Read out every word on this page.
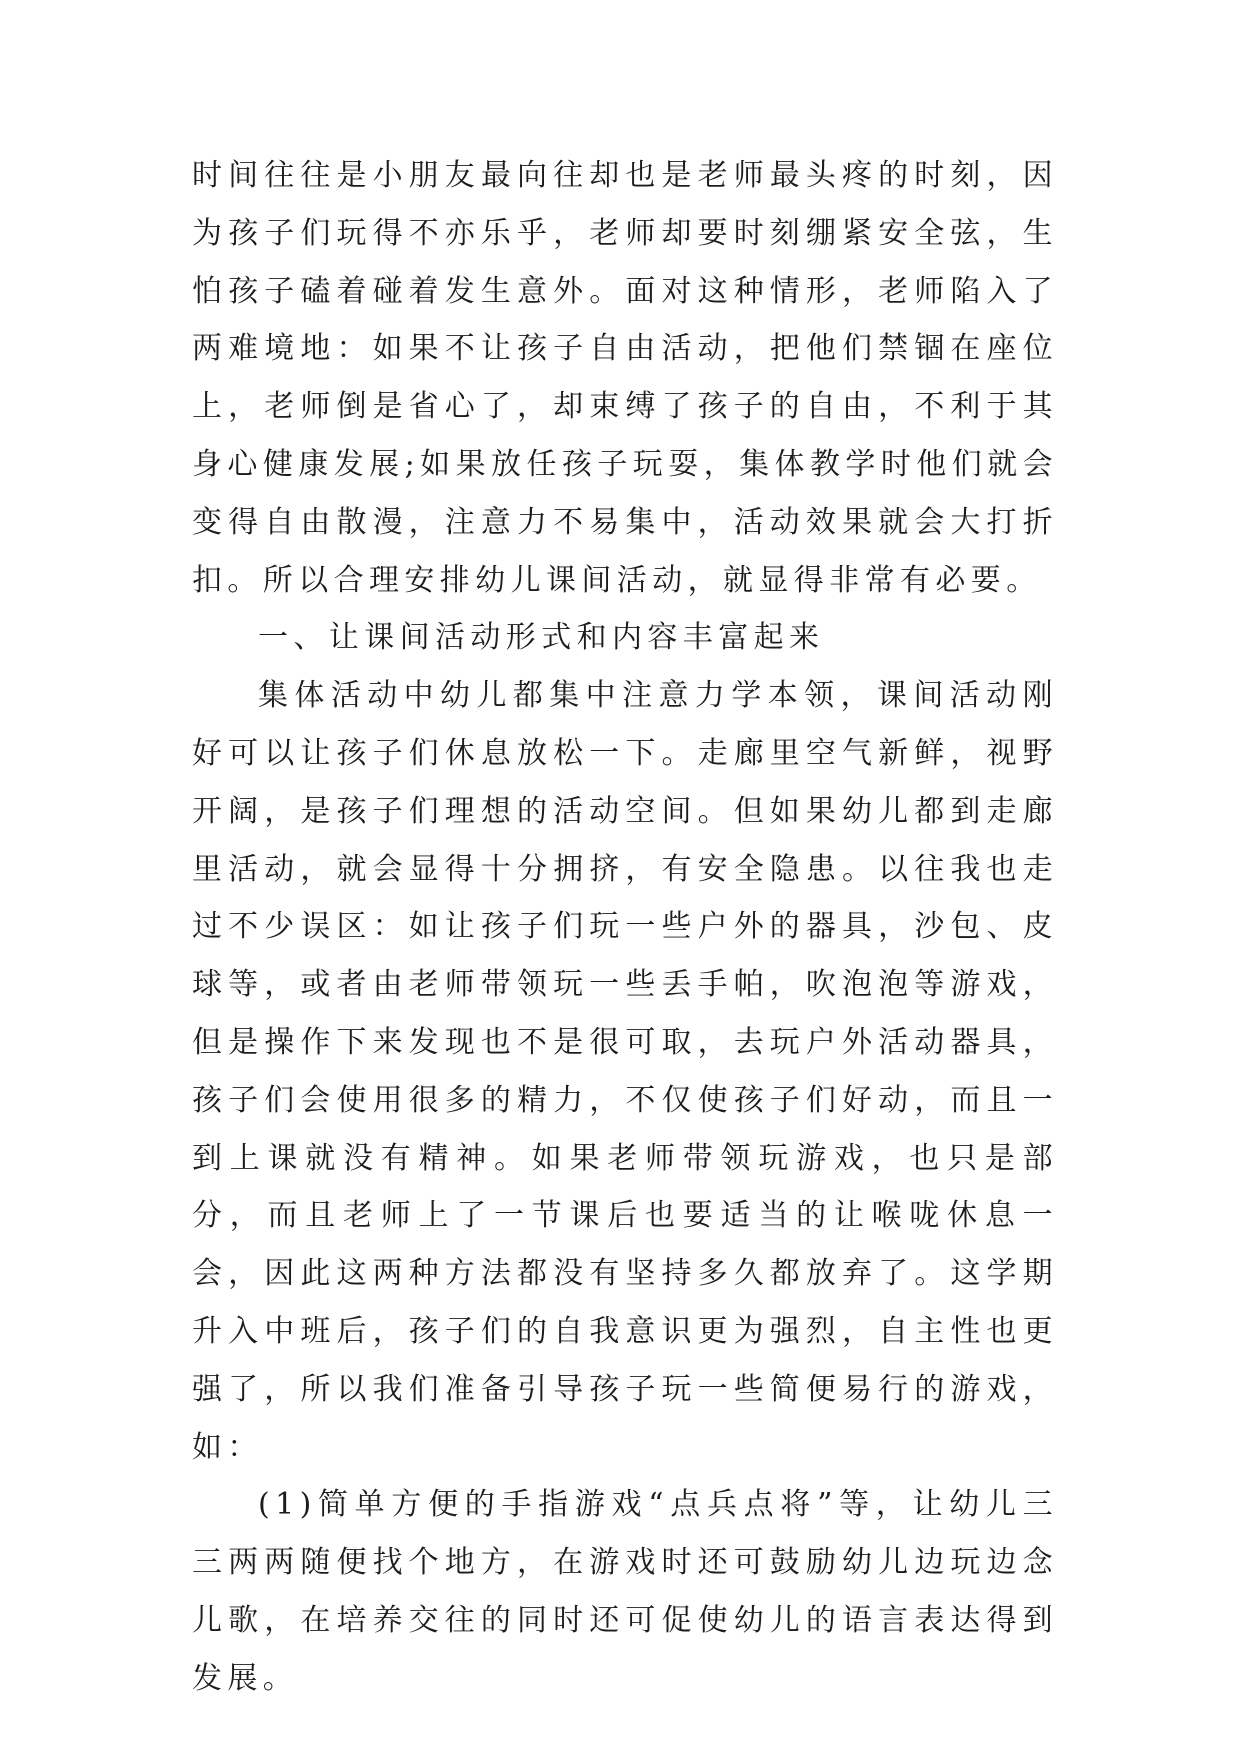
时间往往是小朋友最向往却也是老师最头疼的时刻，因为孩子们玩得不亦乐乎，老师却要时刻绷紧安全弦，生怕孩子磕着碰着发生意外。面对这种情形，老师陷入了两难境地：如果不让孩子自由活动，把他们禁锢在座位上，老师倒是省心了，却束缚了孩子的自由，不利于其身心健康发展;如果放任孩子玩耍，集体教学时他们就会变得自由散漫，注意力不易集中，活动效果就会大打折扣。所以合理安排幼儿课间活动，就显得非常有必要。

一、让课间活动形式和内容丰富起来

集体活动中幼儿都集中注意力学本领，课间活动刚好可以让孩子们休息放松一下。走廊里空气新鲜，视野开阔，是孩子们理想的活动空间。但如果幼儿都到走廊里活动，就会显得十分拥挤，有安全隐患。以往我也走过不少误区：如让孩子们玩一些户外的器具，沙包、皮球等，或者由老师带领玩一些丢手帕，吹泡泡等游戏，但是操作下来发现也不是很可取，去玩户外活动器具，孩子们会使用很多的精力，不仅使孩子们好动，而且一到上课就没有精神。如果老师带领玩游戏，也只是部分，而且老师上了一节课后也要适当的让喉咙休息一会，因此这两种方法都没有坚持多久都放弃了。这学期升入中班后，孩子们的自我意识更为强烈，自主性也更强了，所以我们准备引导孩子玩一些简便易行的游戏，如：

(1)简单方便的手指游戏“点兵点将”等，让幼儿三三两两随便找个地方，在游戏时还可鼓励幼儿边玩边念儿歌，在培养交往的同时还可促使幼儿的语言表达得到发展。
